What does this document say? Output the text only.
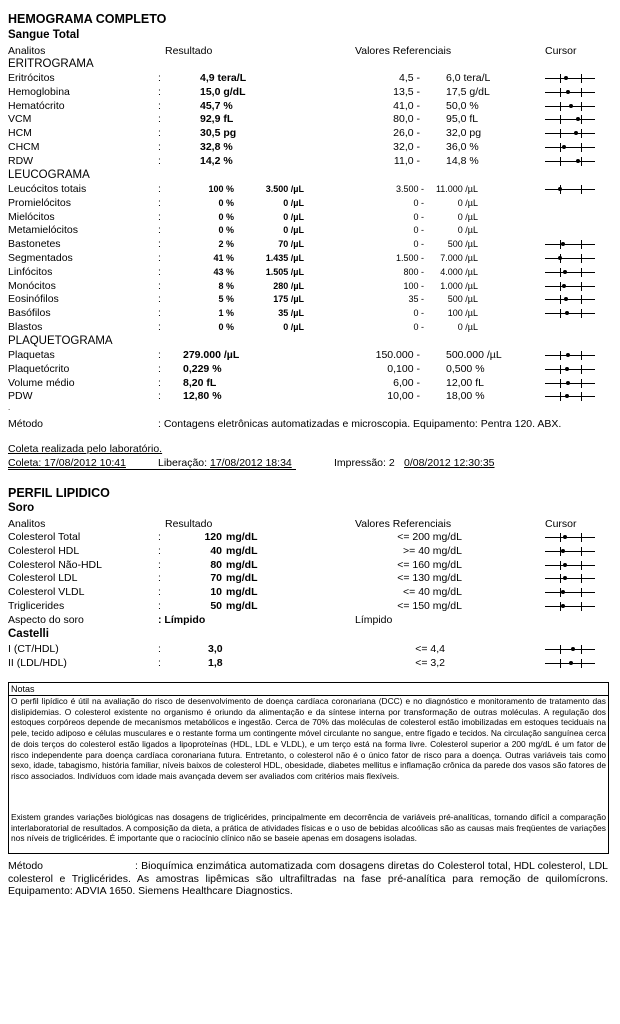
HEMOGRAMA COMPLETO
Sangue Total
Analitos	Resultado	Valores Referenciais	Cursor
ERITROGRAMA
Eritrócitos	:	4,9 tera/L	4,5 - 6,0 tera/L
Hemoglobina	:	15,0 g/dL	13,5 - 17,5 g/dL
Hematócrito	:	45,7 %	41,0 - 50,0 %
VCM	:	92,9 fL	80,0 - 95,0 fL
HCM	:	30,5 pg	26,0 - 32,0 pg
CHCM	:	32,8 %	32,0 - 36,0 %
RDW	:	14,2 %	11,0 - 14,8 %
LEUCOGRAMA
Leucócitos totais	:	100 %	3.500 /µL	3.500 -	11.000 /µL
Promielócitos	:	0 %	0 /µL	0 -	0 /µL
Mielócitos	:	0 %	0 /µL	0 -	0 /µL
Metamielócitos	:	0 %	0 /µL	0 -	0 /µL
Bastonetes	:	2 %	70 /µL	0 -	500 /µL
Segmentados	:	41 %	1.435 /µL	1.500 -	7.000 /µL
Linfócitos	:	43 %	1.505 /µL	800 -	4.000 /µL
Monócitos	:	8 %	280 /µL	100 -	1.000 /µL
Eosinófilos	:	5 %	175 /µL	35 -	500 /µL
Basófilos	:	1 %	35 /µL	0 -	100 /µL
Blastos	:	0 %	0 /µL	0 -	0 /µL
PLAQUETOGRAMA
Plaquetas	: 279.000 /µL	150.000 - 500.000 /µL
Plaquetócrito	: 0,229 %	0,100 - 0,500 %
Volume médio	: 8,20 fL	6,00 - 12,00 fL
PDW	: 12,80 %	10,00 - 18,00 %
.
Método	: Contagens eletrônicas automatizadas e microscopia. Equipamento: Pentra 120. ABX.
Coleta realizada pelo laboratório.
Coleta: 17/08/2012 10:41	Liberação: 17/08/2012 18:34	Impressão: 2 0/08/2012 12:30:35
PERFIL LIPIDICO
Soro
Analitos	Resultado	Valores Referenciais	Cursor
Colesterol Total	:	120 mg/dL	<= 200 mg/dL
Colesterol HDL	:	40 mg/dL	>= 40 mg/dL
Colesterol Não-HDL	:	80 mg/dL	<= 160 mg/dL
Colesterol LDL	:	70 mg/dL	<= 130 mg/dL
Colesterol VLDL	:	10 mg/dL	<= 40 mg/dL
Triglicerides	:	50 mg/dL	<= 150 mg/dL
Aspecto do soro	: Límpido	Límpido
Castelli
I (CT/HDL)	:	3,0	<= 4,4
II (LDL/HDL)	:	1,8	<= 3,2
Notas
O perfil lipídico é útil na avaliação do risco de desenvolvimento de doença cardíaca coronariana (DCC) e no diagnóstico e monitoramento de tratamento das dislipidemias. O colesterol existente no organismo é oriundo da alimentação e da síntese interna por transformação de outras moléculas. A regulação dos estoques corpóreos depende de mecanismos metabólicos e ingestão. Cerca de 70% das moléculas de colesterol estão imobilizadas em estoques teciduais na pele, tecido adiposo e células musculares e o restante forma um contingente móvel circulante no sangue, entre fígado e tecidos. Na circulação sanguínea cerca de dois terços do colesterol estão ligados a lipoproteínas (HDL, LDL e VLDL), e um terço está na forma livre. Colesterol superior a 200 mg/dL é um fator de risco independente para doença cardíaca coronariana futura. Entretanto, o colesterol não é o único fator de risco para a doença. Outras variáveis tais como sexo, idade, tabagismo, história familiar, níveis baixos de colesterol HDL, obesidade, diabetes mellitus e inflamação crônica da parede dos vasos são fatores de risco associados. Indivíduos com idade mais avançada devem ser avaliados com critérios mais flexíveis.
Existem grandes variações biológicas nas dosagens de triglicérides, principalmente em decorrência de variáveis pré-analíticas, tornando difícil a comparação interlaboratorial de resultados. A composição da dieta, a prática de atividades físicas e o uso de bebidas alcoólicas são as causas mais freqüentes de variações nos níveis de triglicérides. É importante que o raciocínio clínico não se baseie apenas em dosagens isoladas.
Método	: Bioquímica enzimática automatizada com dosagens diretas do Colesterol total, HDL colesterol, LDL colesterol e Triglicérides. As amostras lipêmicas são ultrafiltradas na fase pré-analítica para remoção de quilomícrons. Equipamento: ADVIA 1650. Siemens Healthcare Diagnostics.
